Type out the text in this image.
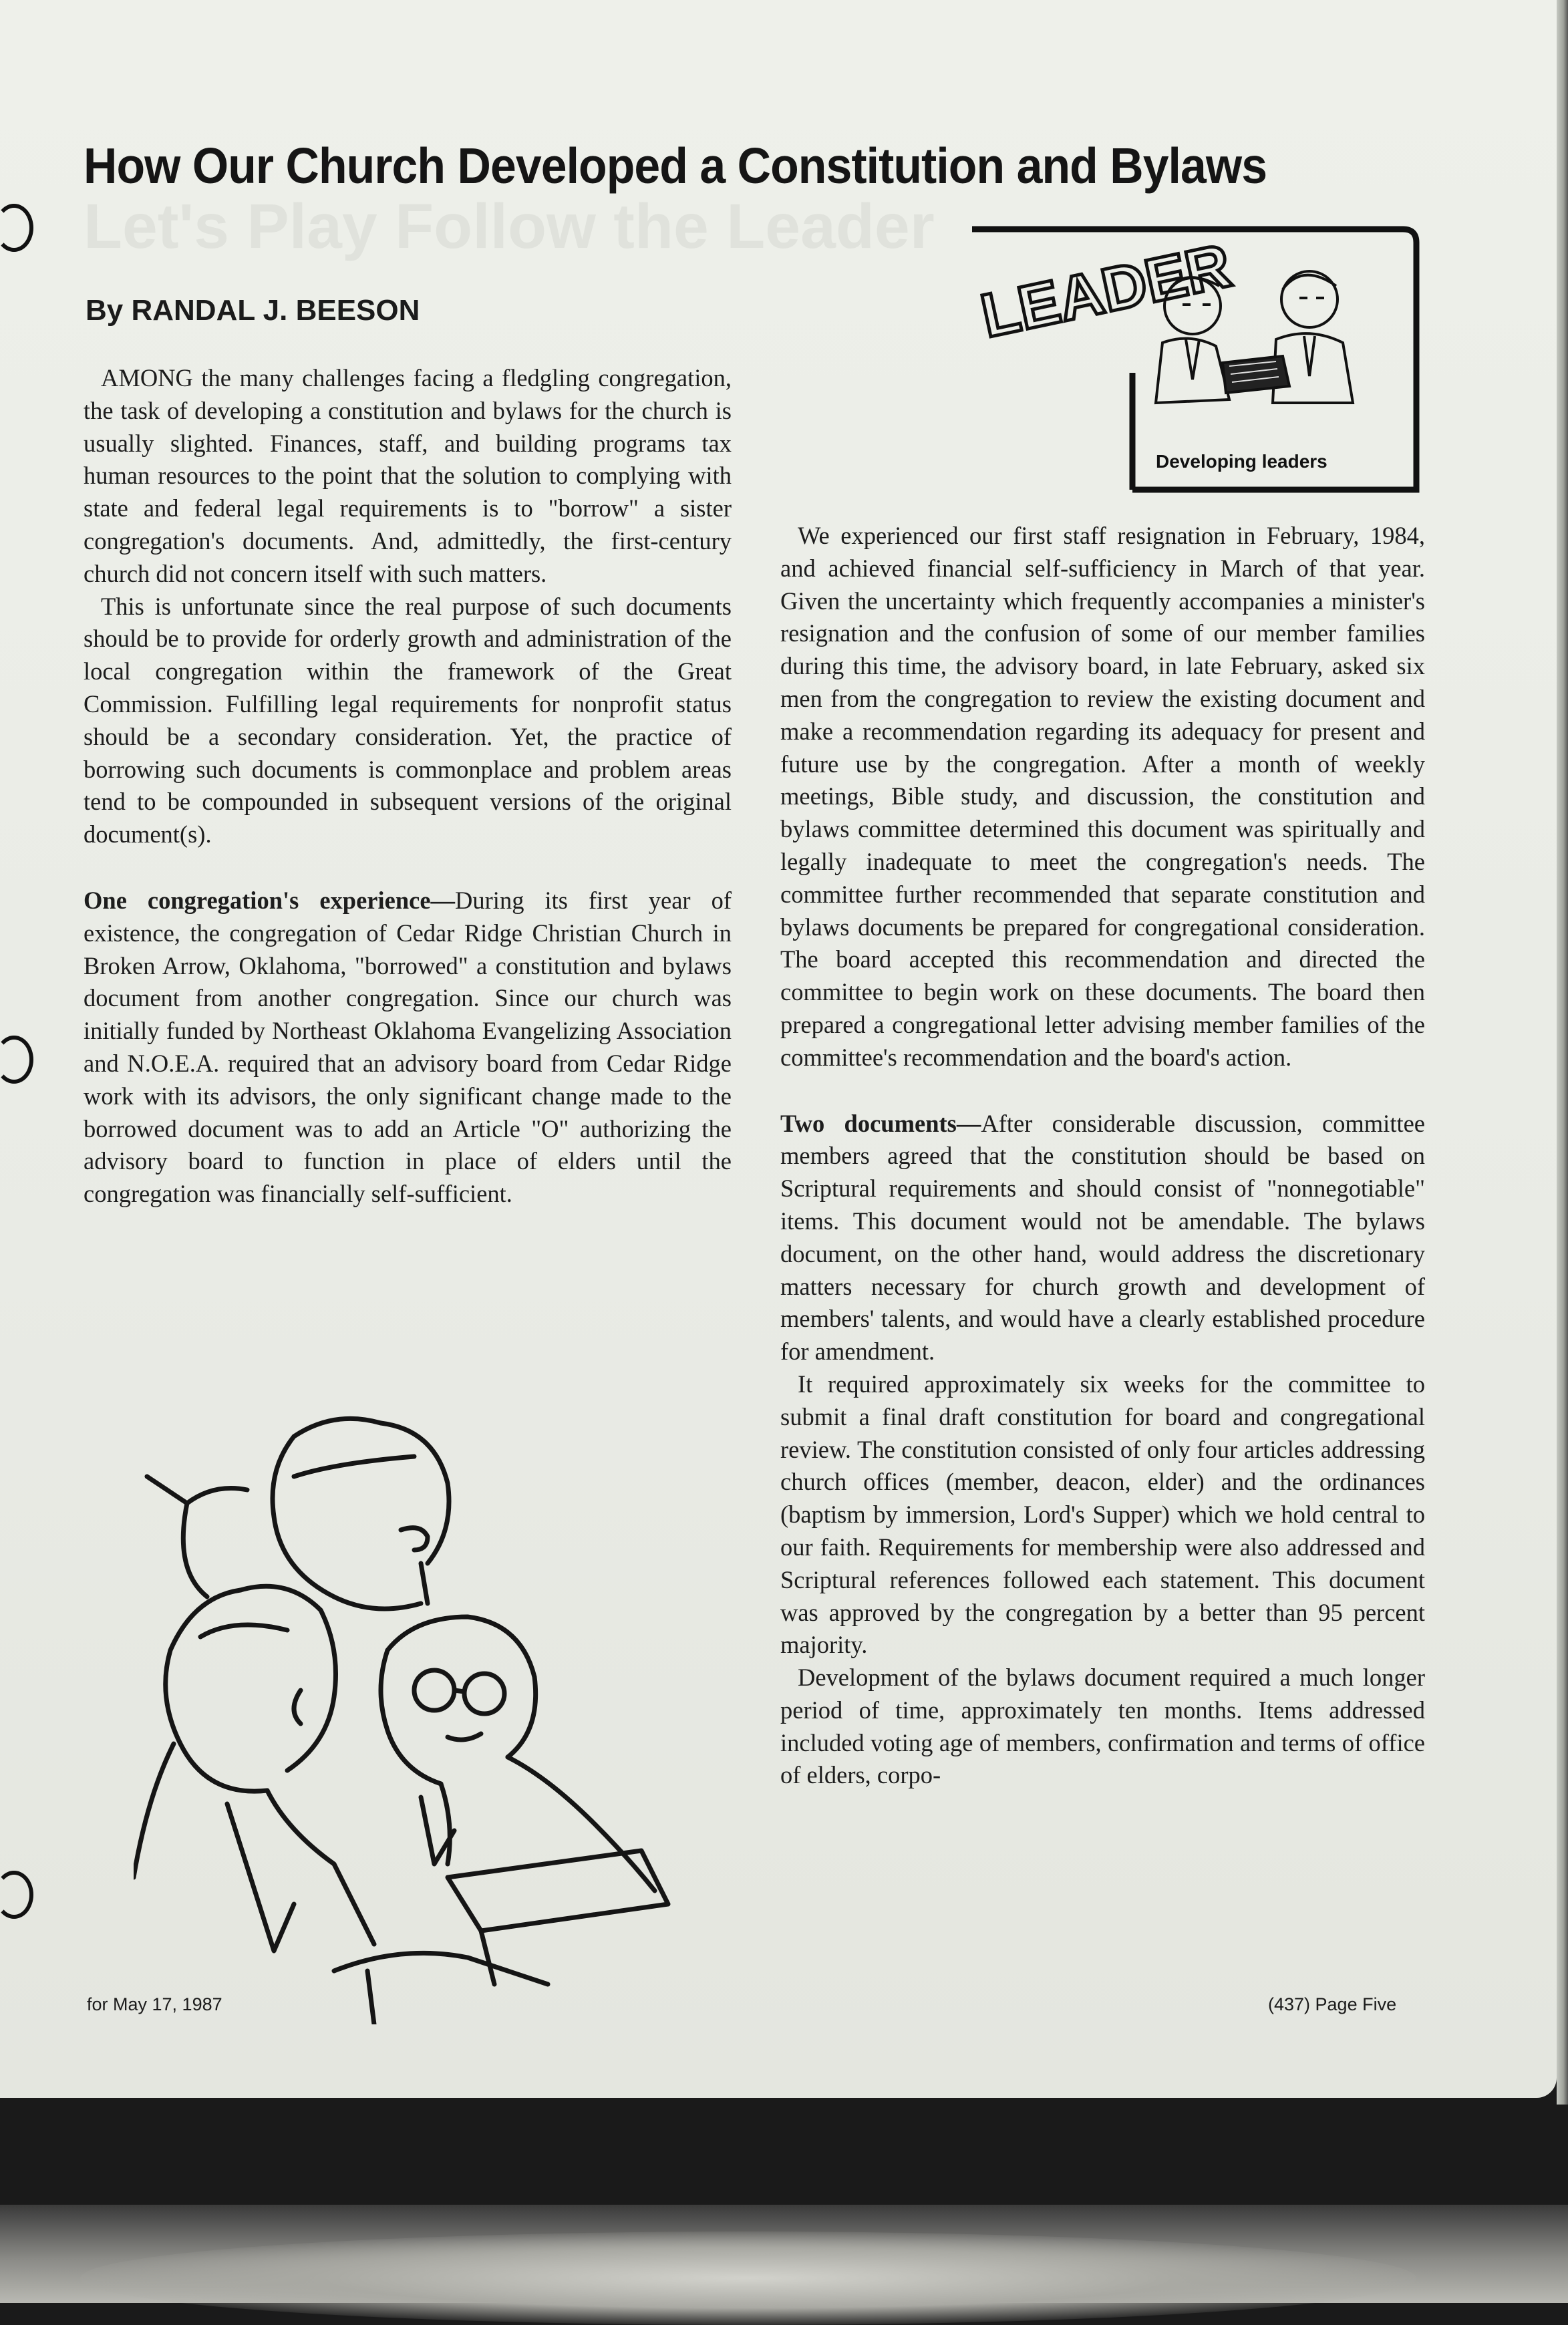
Let's Play Follow the Leader
How Our Church Developed a Constitution and Bylaws
By RANDAL J. BEESON

AMONG the many challenges facing a fledgling congregation, the task of developing a constitution and bylaws for the church is usually slighted. Finances, staff, and building programs tax human resources to the point that the solution to complying with state and federal legal requirements is to "borrow" a sister congregation's documents. And, admittedly, the first-century church did not concern itself with such matters.

This is unfortunate since the real purpose of such documents should be to provide for orderly growth and administration of the local congregation within the framework of the Great Commission. Fulfilling legal requirements for nonprofit status should be a secondary consideration. Yet, the practice of borrowing such documents is commonplace and problem areas tend to be compounded in subsequent versions of the original document(s).

One congregation's experience—During its first year of existence, the congregation of Cedar Ridge Christian Church in Broken Arrow, Oklahoma, "borrowed" a constitution and bylaws document from another congregation. Since our church was initially funded by Northeast Oklahoma Evangelizing Association and N.O.E.A. required that an advisory board from Cedar Ridge work with its advisors, the only significant change made to the borrowed document was to add an Article "O" authorizing the advisory board to function in place of elders until the congregation was financially self-sufficient.

We experienced our first staff resignation in February, 1984, and achieved financial self-sufficiency in March of that year. Given the uncertainty which frequently accompanies a minister's resignation and the confusion of some of our member families during this time, the advisory board, in late February, asked six men from the congregation to review the existing document and make a recommendation regarding its adequacy for present and future use by the congregation. After a month of weekly meetings, Bible study, and discussion, the constitution and bylaws committee determined this document was spiritually and legally inadequate to meet the congregation's needs. The committee further recommended that separate constitution and bylaws documents be prepared for congregational consideration. The board accepted this recommendation and directed the committee to begin work on these documents. The board then prepared a congregational letter advising member families of the committee's recommendation and the board's action.

Two documents—After considerable discussion, committee members agreed that the constitution should be based on Scriptural requirements and should consist of "nonnegotiable" items. This document would not be amendable. The bylaws document, on the other hand, would address the discretionary matters necessary for church growth and development of members' talents, and would have a clearly established procedure for amendment.

It required approximately six weeks for the committee to submit a final draft constitution for board and congregational review. The constitution consisted of only four articles addressing church offices (member, deacon, elder) and the ordinances (baptism by immersion, Lord's Supper) which we hold central to our faith. Requirements for membership were also addressed and Scriptural references followed each statement. This document was approved by the congregation by a better than 95 percent majority.

Development of the bylaws document required a much longer period of time, approximately ten months. Items addressed included voting age of members, confirmation and terms of office of elders, corpo-

LEADER
Developing leaders
for May 17, 1987	(437) Page Five
